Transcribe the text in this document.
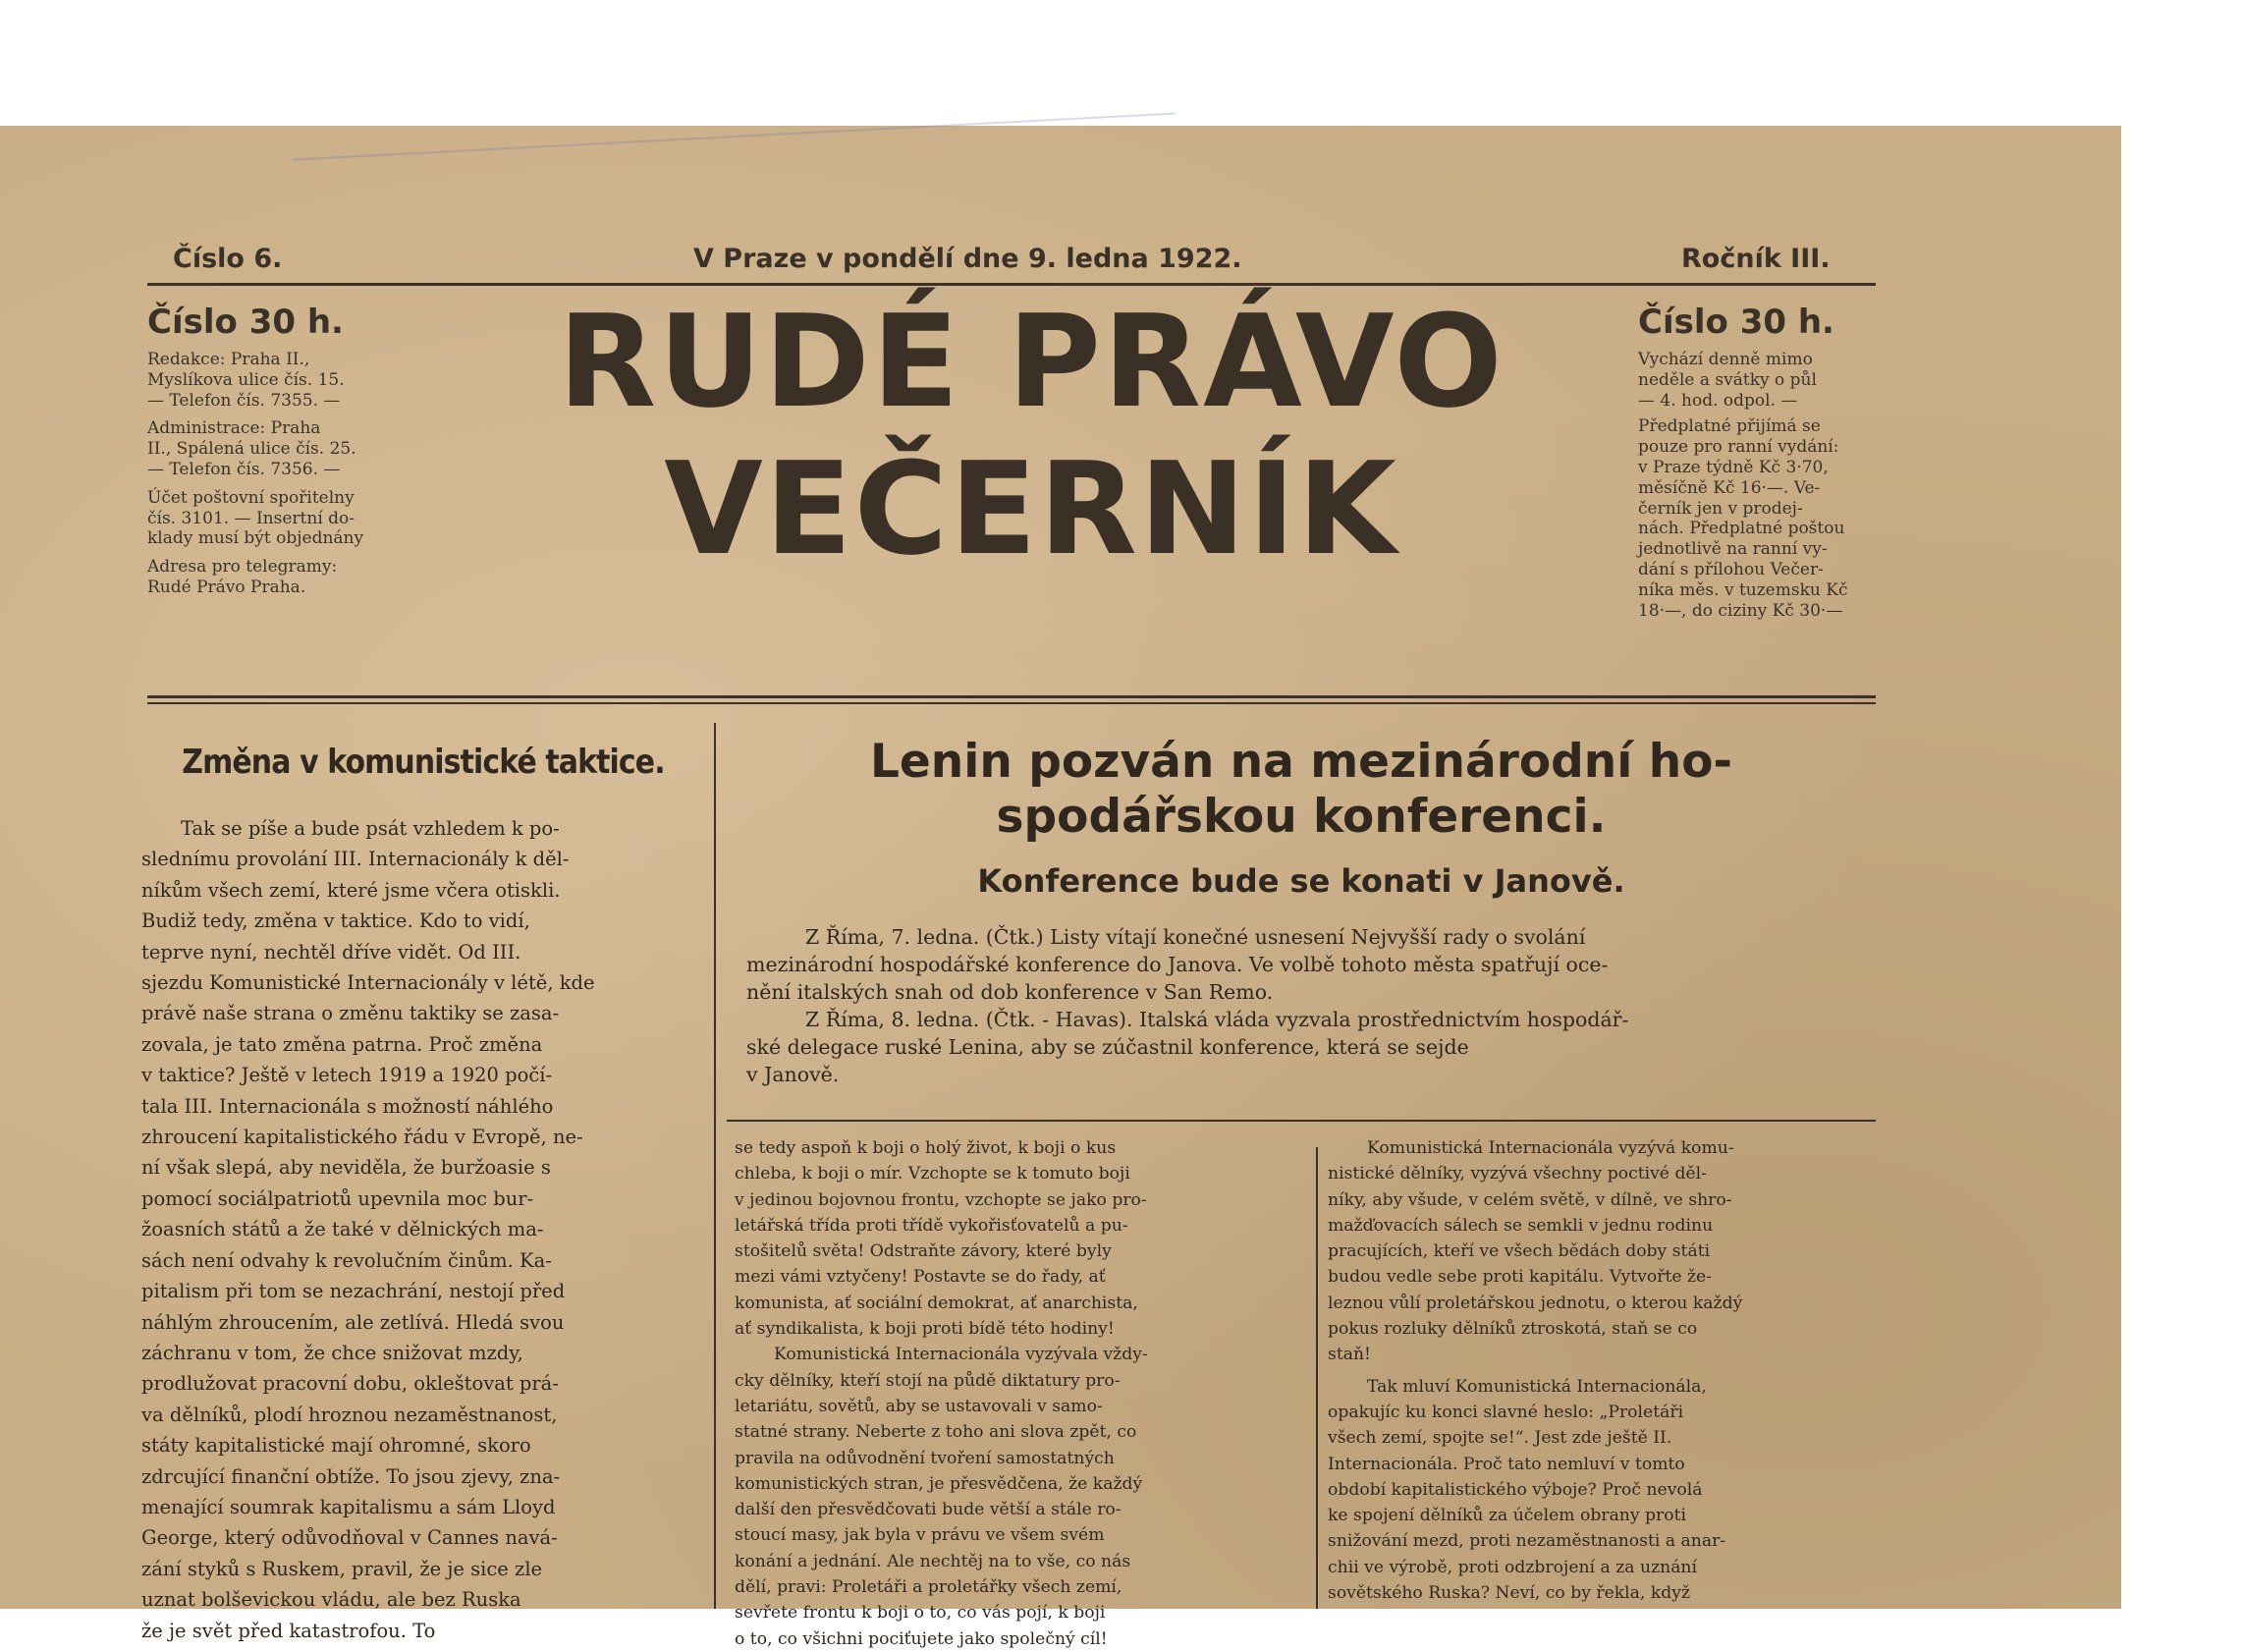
Číslo 6.	V Praze v pondělí dne 9. ledna 1922.	Ročník III.
Číslo 30 h.
Redakce: Praha II.,
Myslíkova ulice čís. 15.
— Telefon čís. 7355. —
Administrace: Praha
II., Spálená ulice čís. 25.
— Telefon čís. 7356. —
Účet poštovní spořitelny
čís. 3101. — Insertní do-
klady musí být objednány
Adresa pro telegramy:
Rudé Právo Praha.
RUDÉ PRÁVO
VEČERNÍK
Číslo 30 h.
Vychází denně mimo
neděle a svátky o půl
— 4. hod. odpol. —
Předplatné přijímá se
pouze pro ranní vydání:
v Praze týdně Kč 3·70,
měsíčně Kč 16·—. Ve-
černík jen v prodej-
nách. Předplatné poštou
jednotlivě na ranní vy-
dání s přílohou Večer-
níka měs. v tuzemsku Kč
18·—, do ciziny Kč 30·—
Změna v komunistické taktice.	Lenin pozván na mezinárodní ho-
spodářskou konferenci.
Konference bude se konati v Janově.
Tak se píše a bude psát vzhledem k po-
slednímu provolání III. Internacionály k děl-
níkům všech zemí, které jsme včera otiskli.
Budiž tedy, změna v taktice. Kdo to vidí,
teprve nyní, nechtěl dříve vidět. Od III.
sjezdu Komunistické Internacionály v létě, kde
právě naše strana o změnu taktiky se zasa-
zovala, je tato změna patrna. Proč změna
v taktice? Ještě v letech 1919 a 1920 počí-
tala III. Internacionála s možností náhlého
zhroucení kapitalistického řádu v Evropě, ne-
ní však slepá, aby neviděla, že buržoasie s
pomocí sociálpatriotů upevnila moc bur-
žoasních států a že také v dělnických ma-
sách není odvahy k revolučním činům. Ka-
pitalism při tom se nezachrání, nestojí před
náhlým zhroucením, ale zetlívá. Hledá svou
záchranu v tom, že chce snižovat mzdy,
prodlužovat pracovní dobu, okleštovat prá-
va dělníků, plodí hroznou nezaměstnanost,
státy kapitalistické mají ohromné, skoro
zdrcující finanční obtíže. To jsou zjevy, zna-
menající soumrak kapitalismu a sám Lloyd
George, který odůvodňoval v Cannes navá-
zání styků s Ruskem, pravil, že je sice zle
uznat bolševickou vládu, ale bez Ruska
že je svět před katastrofou. To
Z Říma, 7. ledna. (Čtk.) Listy vítají konečné usnesení Nejvyšší rady o svolání
mezinárodní hospodářské konference do Janova. Ve volbě tohoto města spatřují oce-
nění italských snah od dob konference v San Remo.
Z Říma, 8. ledna. (Čtk. - Havas). Italská vláda vyzvala prostřednictvím hospodář-
ské delegace ruské Lenina, aby se zúčastnil konference, která se sejde
v Janově.
se tedy aspoň k boji o holý život, k boji o kus
chleba, k boji o mír. Vzchopte se k tomuto boji
v jedinou bojovnou frontu, vzchopte se jako pro-
letářská třída proti třídě vykořisťovatelů a pu-
stošitelů světa! Odstraňte závory, které byly
mezi vámi vztyčeny! Postavte se do řady, ať
komunista, ať sociální demokrat, ať anarchista,
ať syndikalista, k boji proti bídě této hodiny!
Komunistická Internacionála vyzývala vždy-
cky dělníky, kteří stojí na půdě diktatury pro-
letariátu, sovětů, aby se ustavovali v samo-
statné strany. Neberte z toho ani slova zpět, co
pravila na odůvodnění tvoření samostatných
komunistických stran, je přesvědčena, že každý
další den přesvědčovati bude větší a stále ro-
stoucí masy, jak byla v právu ve všem svém
konání a jednání. Ale nechtěj na to vše, co nás
dělí, pravi: Proletáři a proletářky všech zemí,
sevřete frontu k boji o to, co vás pojí, k boji
o to, co všichni pociťujete jako společný cíl!
Komunistická Internacionála vyzývá komu-
nistické dělníky, vyzývá všechny poctivé děl-
níky, aby všude, v celém světě, v dílně, ve shro-
mažďovacích sálech se semkli v jednu rodinu
pracujících, kteří ve všech bědách doby státi
budou vedle sebe proti kapitálu. Vytvořte že-
leznou vůlí proletářskou jednotu, o kterou každý
pokus rozluky dělníků ztroskotá, staň se co
staň!
Tak mluví Komunistická Internacionála,
opakujíc ku konci slavné heslo: „Proletáři
všech zemí, spojte se!“. Jest zde ještě II.
Internacionála. Proč tato nemluví v tomto
období kapitalistického výboje? Proč nevolá
ke spojení dělníků za účelem obrany proti
snižování mezd, proti nezaměstnanosti a anar-
chii ve výrobě, proti odzbrojení a za uznání
sovětského Ruska? Neví, co by řekla, když
